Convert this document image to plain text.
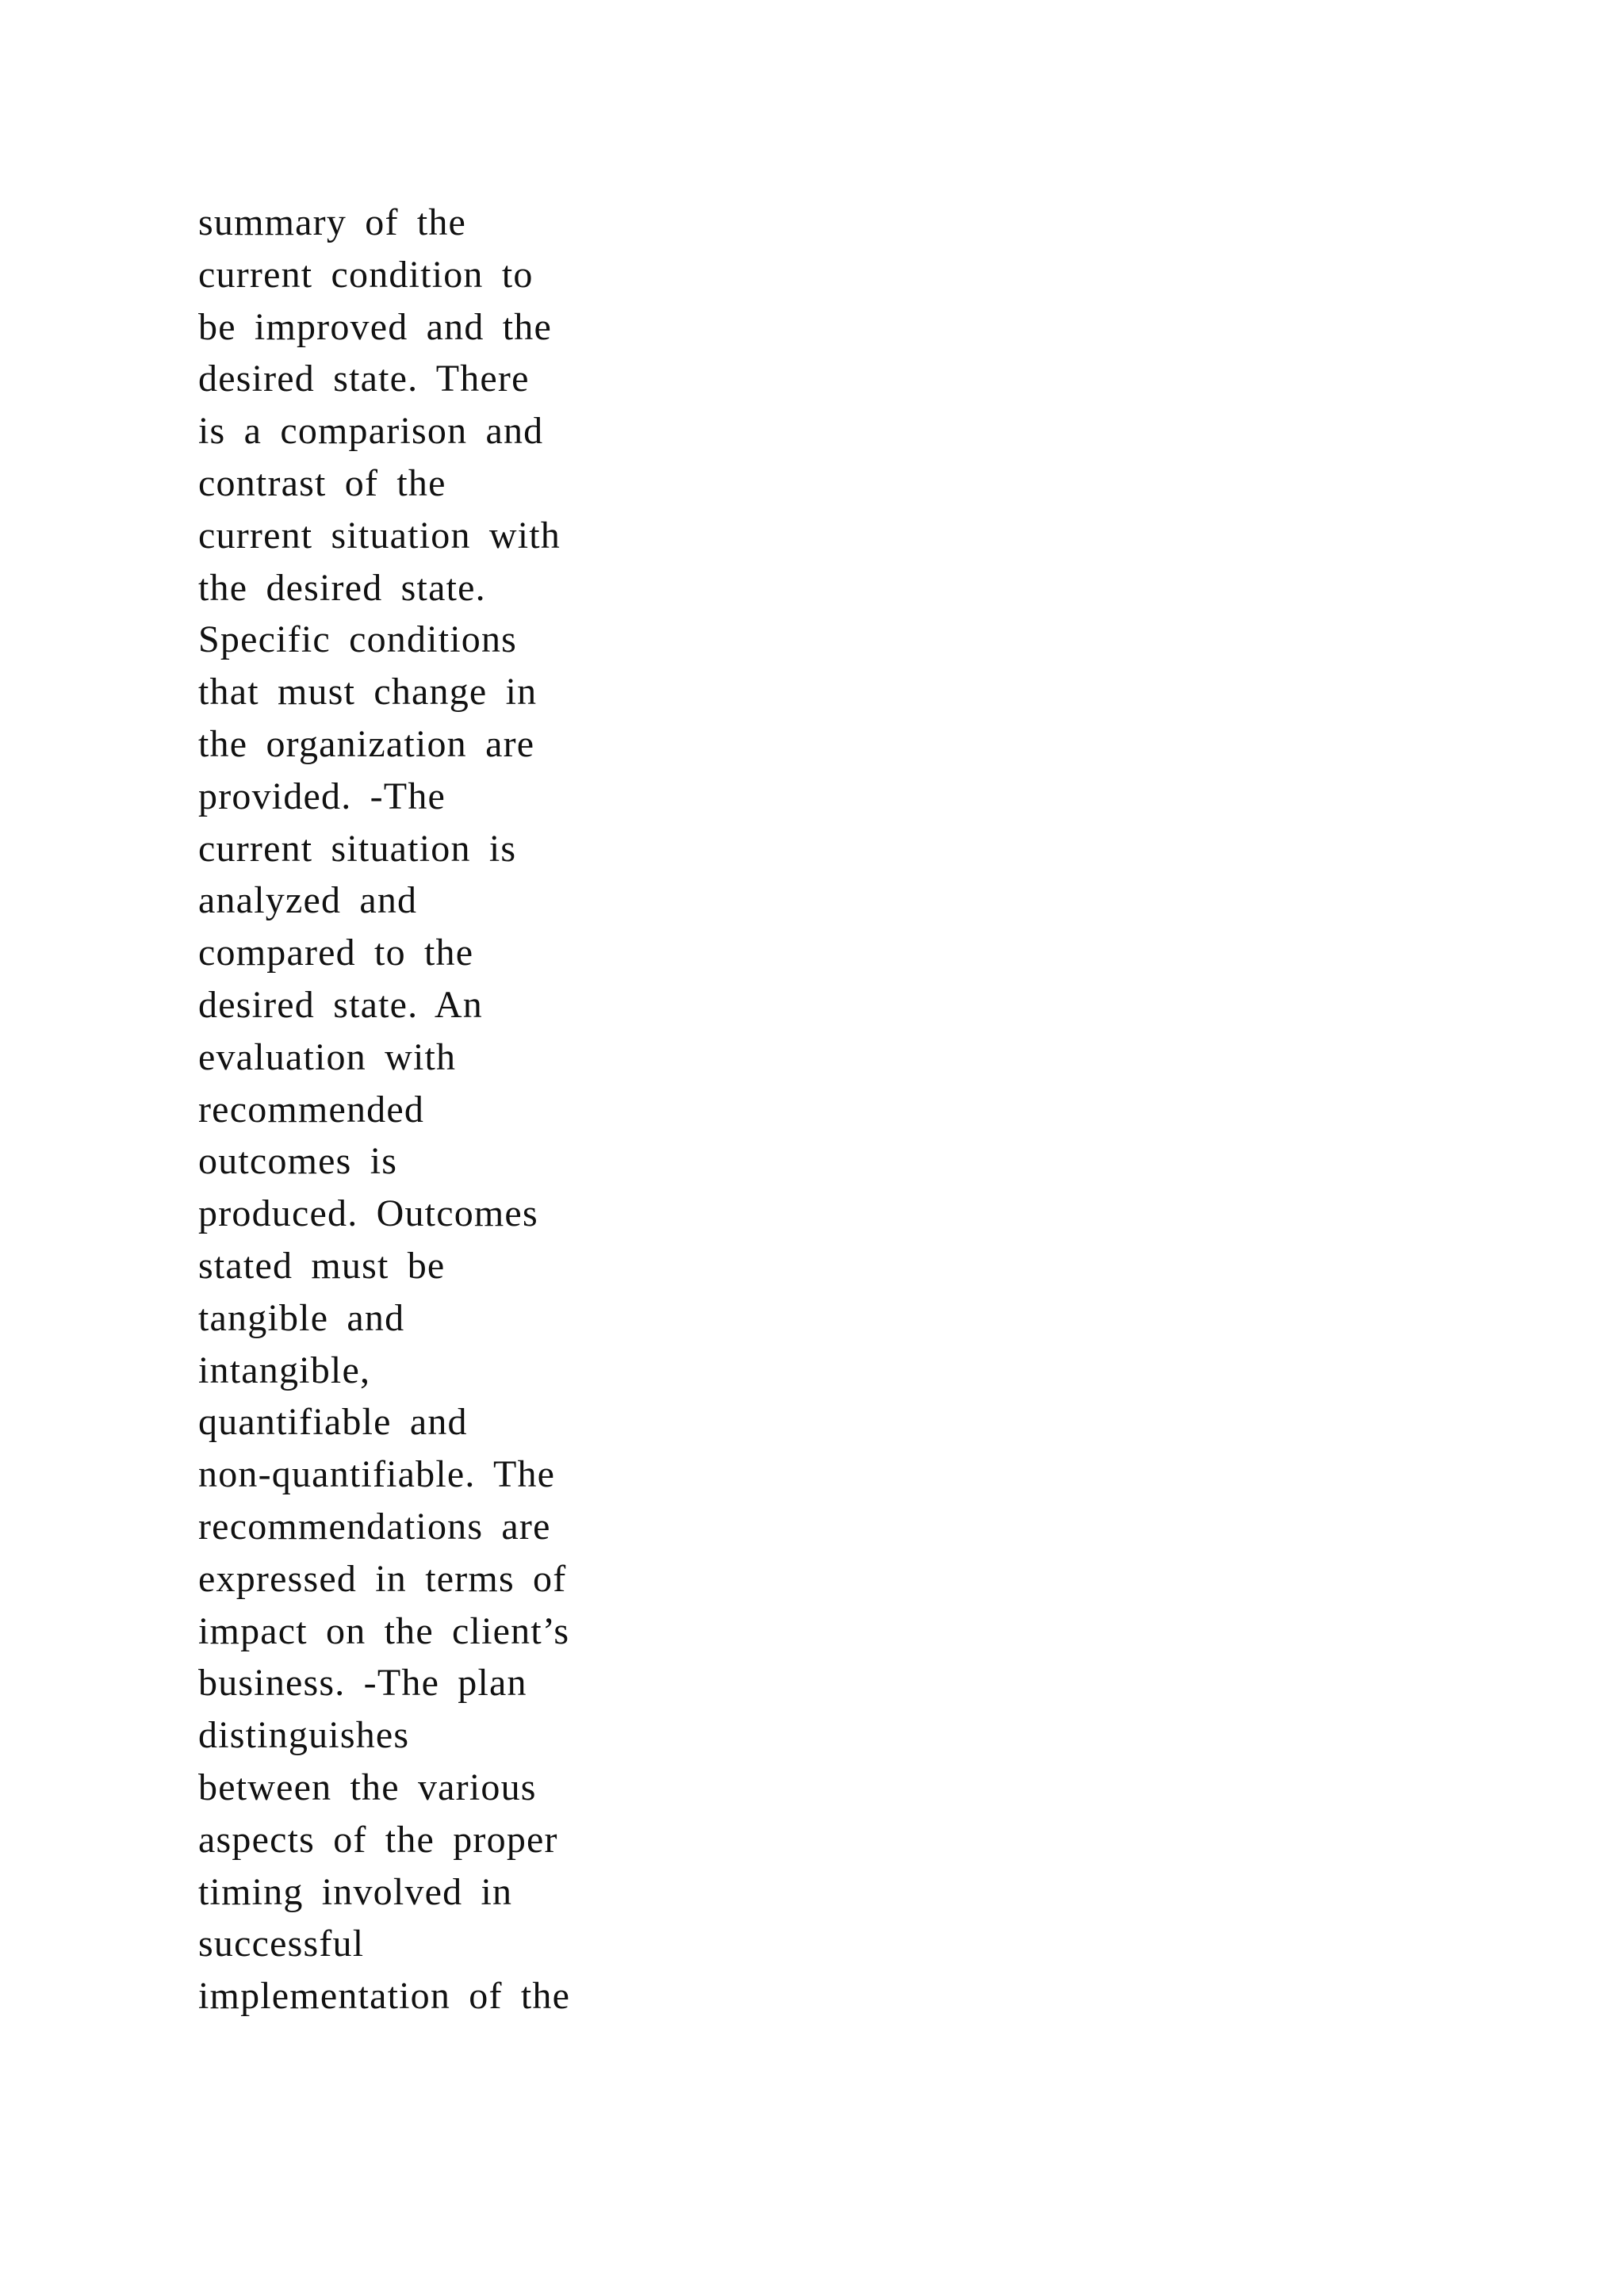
summary of the
current condition to
be improved and the
desired state. There
is a comparison and
contrast of the
current situation with
the desired state.
Specific conditions
that must change in
the organization are
provided. -The
current situation is
analyzed and
compared to the
desired state. An
evaluation with
recommended
outcomes is
produced. Outcomes
stated must be
tangible and
intangible,
quantifiable and
non-quantifiable. The
recommendations are
expressed in terms of
impact on the client’s
business. -The plan
distinguishes
between the various
aspects of the proper
timing involved in
successful
implementation of the
